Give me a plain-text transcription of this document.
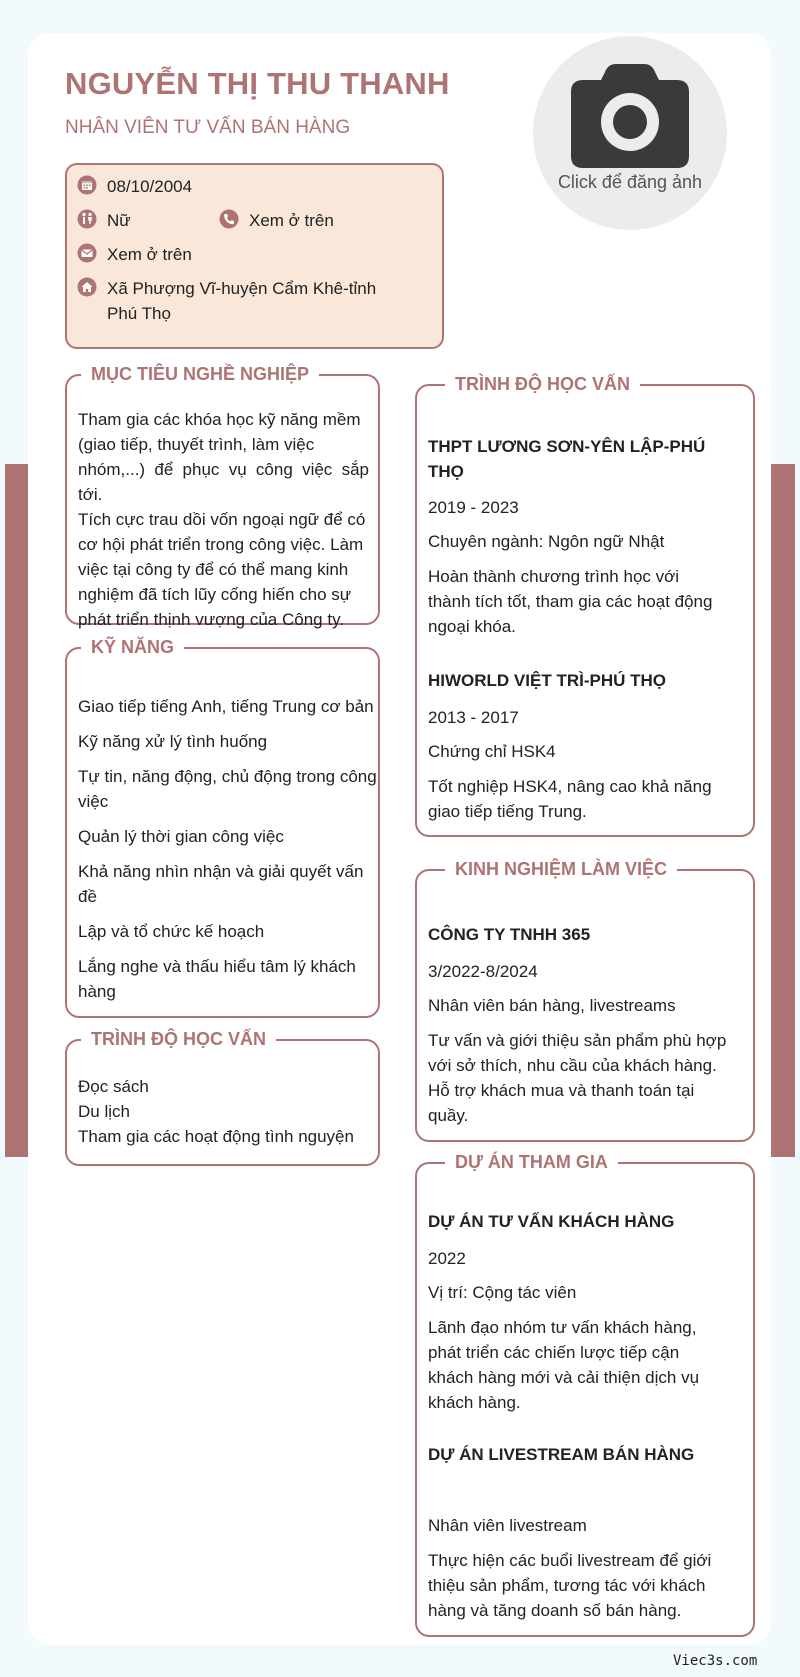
NGUYỄN THỊ THU THANH
NHÂN VIÊN TƯ VẤN BÁN HÀNG
Click để đăng ảnh
08/10/2004
Nữ	Xem ở trên
Xem ở trên
Xã Phượng Vĩ-huyện Cẩm Khê-tỉnh
Phú Thọ
MỤC TIÊU NGHỀ NGHIỆP
Tham gia các khóa học kỹ năng mềm
(giao tiếp, thuyết trình, làm việc
nhóm,...) để phục vụ công việc sắp tới.
Tích cực trau dồi vốn ngoại ngữ để có
cơ hội phát triển trong công việc. Làm
việc tại công ty để có thể mang kinh
nghiệm đã tích lũy cống hiến cho sự
phát triển thịnh vượng của Công ty.
KỸ NĂNG
Giao tiếp tiếng Anh, tiếng Trung cơ bản
Kỹ năng xử lý tình huống
Tự tin, năng động, chủ động trong công
việc
Quản lý thời gian công việc
Khả năng nhìn nhận và giải quyết vấn
đề
Lập và tổ chức kế hoạch
Lắng nghe và thấu hiểu tâm lý khách
hàng
TRÌNH ĐỘ HỌC VẤN
Đọc sách
Du lịch
Tham gia các hoạt động tình nguyện
TRÌNH ĐỘ HỌC VẤN
THPT LƯƠNG SƠN-YÊN LẬP-PHÚ
THỌ
2019 - 2023
Chuyên ngành: Ngôn ngữ Nhật
Hoàn thành chương trình học với
thành tích tốt, tham gia các hoạt động
ngoại khóa.
HIWORLD VIỆT TRÌ-PHÚ THỌ
2013 - 2017
Chứng chỉ HSK4
Tốt nghiệp HSK4, nâng cao khả năng
giao tiếp tiếng Trung.
KINH NGHIỆM LÀM VIỆC
CÔNG TY TNHH 365
3/2022-8/2024
Nhân viên bán hàng, livestreams
Tư vấn và giới thiệu sản phẩm phù hợp
với sở thích, nhu cầu của khách hàng.
Hỗ trợ khách mua và thanh toán tại
quầy.
DỰ ÁN THAM GIA
DỰ ÁN TƯ VẤN KHÁCH HÀNG
2022
Vị trí: Cộng tác viên
Lãnh đạo nhóm tư vấn khách hàng,
phát triển các chiến lược tiếp cận
khách hàng mới và cải thiện dịch vụ
khách hàng.
DỰ ÁN LIVESTREAM BÁN HÀNG
Nhân viên livestream
Thực hiện các buổi livestream để giới
thiệu sản phẩm, tương tác với khách
hàng và tăng doanh số bán hàng.
Viec3s.com
